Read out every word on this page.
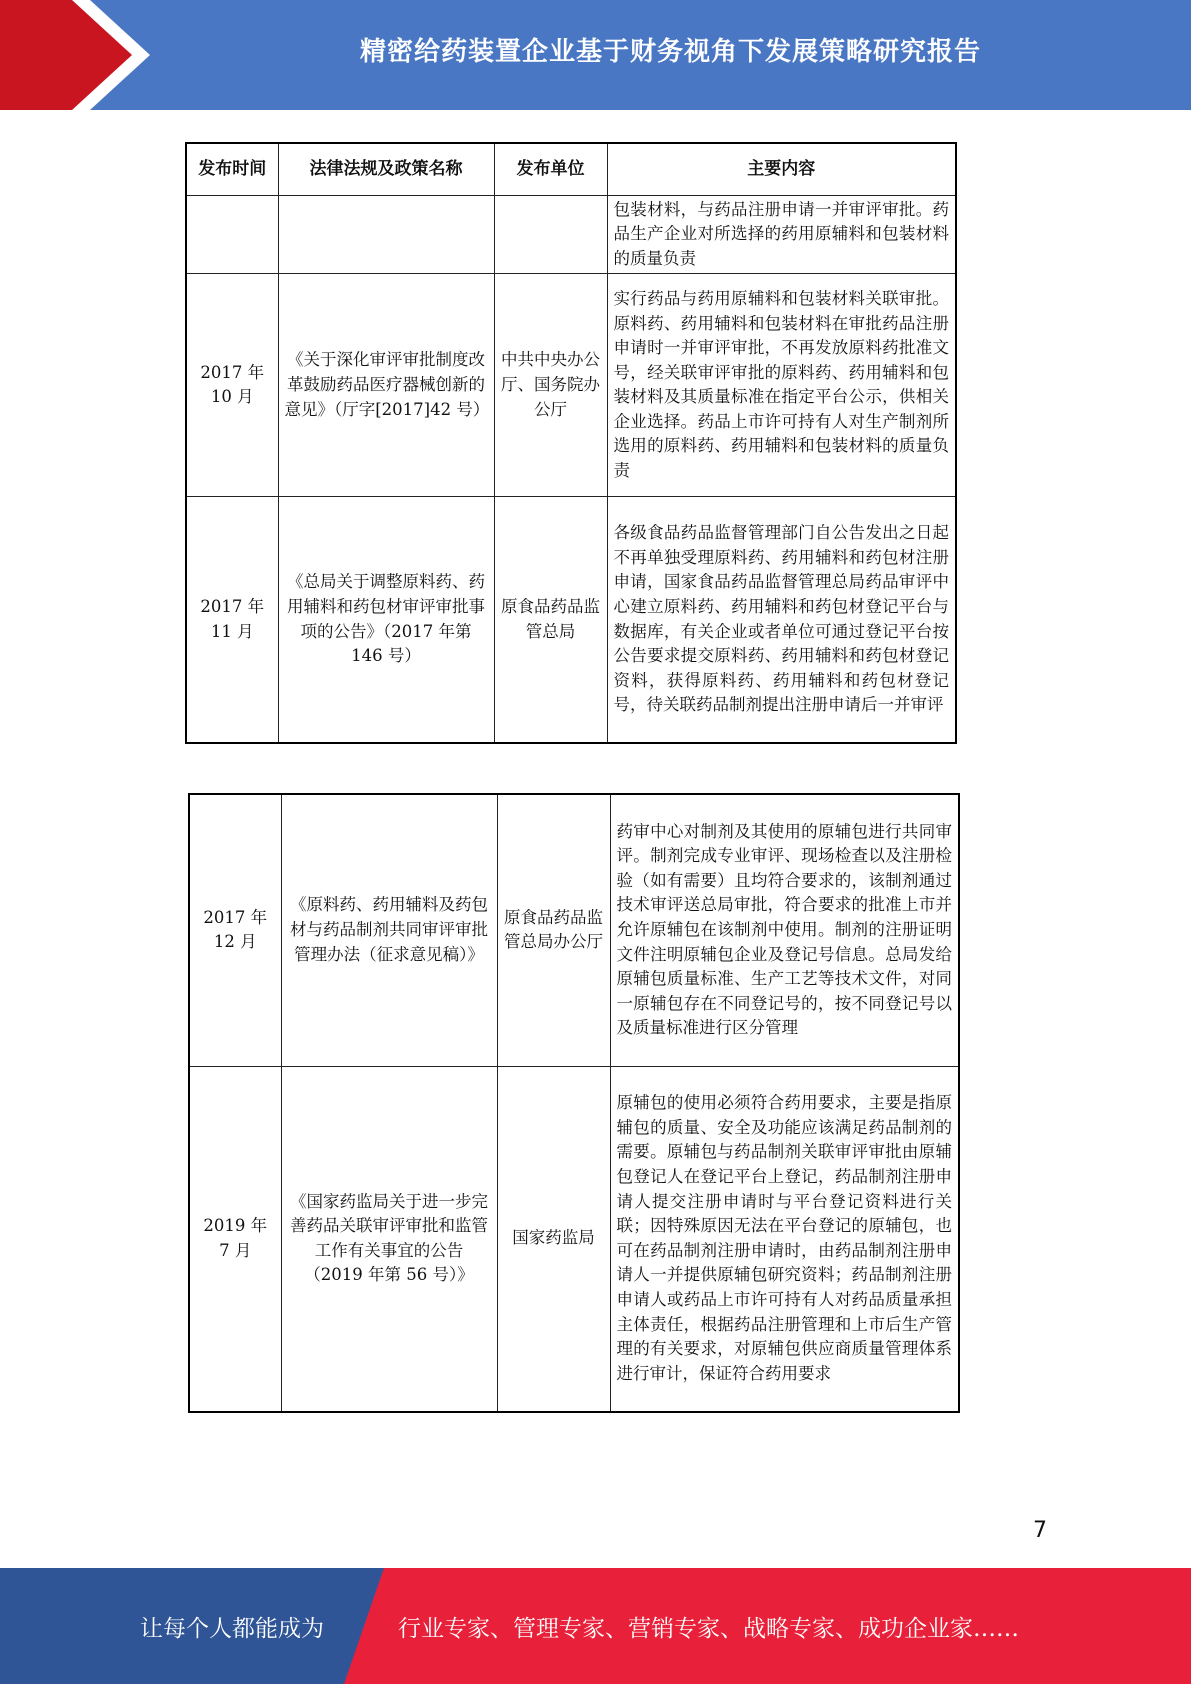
精密给药装置企业基于财务视角下发展策略研究报告
发布时间	法律法规及政策名称	发布单位	主要内容
			包装材料，与药品注册申请一并审评审批。药品生产企业对所选择的药用原辅料和包装材料的质量负责
2017 年 10 月	《关于深化审评审批制度改革鼓励药品医疗器械创新的意见》（厅字[2017]42 号）	中共中央办公厅、国务院办公厅	实行药品与药用原辅料和包装材料关联审批。原料药、药用辅料和包装材料在审批药品注册申请时一并审评审批，不再发放原料药批准文号，经关联审评审批的原料药、药用辅料和包装材料及其质量标准在指定平台公示，供相关企业选择。药品上市许可持有人对生产制剂所选用的原料药、药用辅料和包装材料的质量负责
2017 年 11 月	《总局关于调整原料药、药用辅料和药包材审评审批事项的公告》（2017 年第 146 号）	原食品药品监管总局	各级食品药品监督管理部门自公告发出之日起不再单独受理原料药、药用辅料和药包材注册申请，国家食品药品监督管理总局药品审评中心建立原料药、药用辅料和药包材登记平台与数据库，有关企业或者单位可通过登记平台按公告要求提交原料药、药用辅料和药包材登记资料，获得原料药、药用辅料和药包材登记号，待关联药品制剂提出注册申请后一并审评
2017 年 12 月	《原料药、药用辅料及药包材与药品制剂共同审评审批管理办法（征求意见稿）》	原食品药品监管总局办公厅	药审中心对制剂及其使用的原辅包进行共同审评。制剂完成专业审评、现场检查以及注册检验（如有需要）且均符合要求的，该制剂通过技术审评送总局审批，符合要求的批准上市并允许原辅包在该制剂中使用。制剂的注册证明文件注明原辅包企业及登记号信息。总局发给原辅包质量标准、生产工艺等技术文件，对同一原辅包存在不同登记号的，按不同登记号以及质量标准进行区分管理
2019 年 7 月	《国家药监局关于进一步完善药品关联审评审批和监管工作有关事宜的公告（2019 年第 56 号）》	国家药监局	原辅包的使用必须符合药用要求，主要是指原辅包的质量、安全及功能应该满足药品制剂的需要。原辅包与药品制剂关联审评审批由原辅包登记人在登记平台上登记，药品制剂注册申请人提交注册申请时与平台登记资料进行关联；因特殊原因无法在平台登记的原辅包，也可在药品制剂注册申请时，由药品制剂注册申请人一并提供原辅包研究资料；药品制剂注册申请人或药品上市许可持有人对药品质量承担主体责任，根据药品注册管理和上市后生产管理的有关要求，对原辅包供应商质量管理体系进行审计，保证符合药用要求
7
让每个人都能成为	行业专家、管理专家、营销专家、战略专家、成功企业家……
